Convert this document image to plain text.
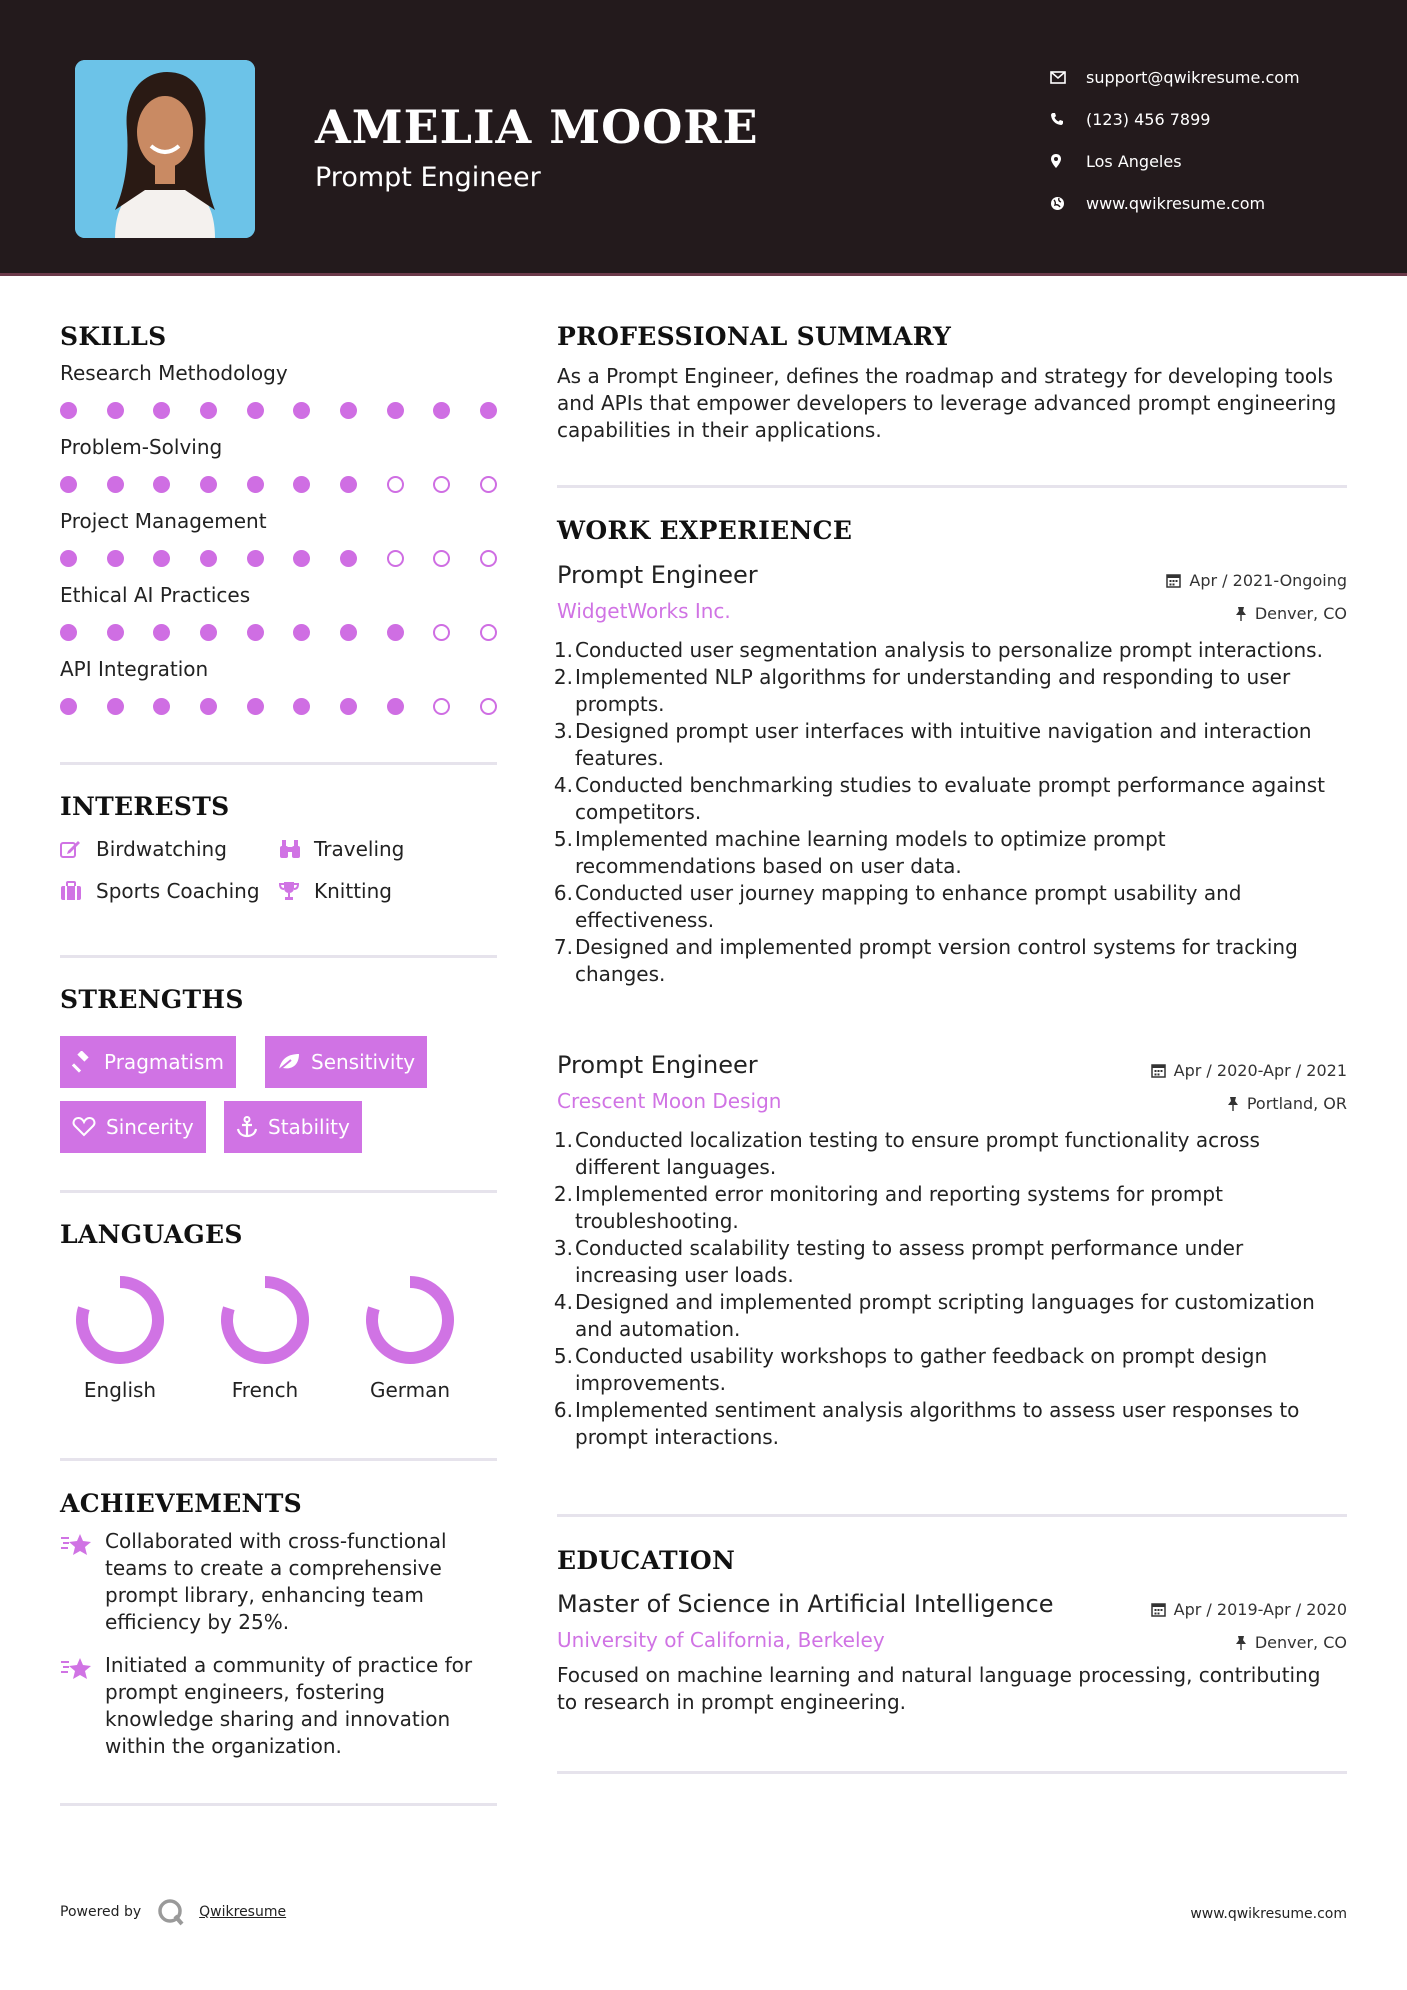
AMELIA MOORE
Prompt Engineer
support@qwikresume.com
(123) 456 7899
Los Angeles
www.qwikresume.com
SKILLS
Research Methodology
Problem-Solving
Project Management
Ethical AI Practices
API Integration
INTERESTS
Birdwatching	Traveling
Sports Coaching	Knitting
STRENGTHS
Pragmatism	Sensitivity
Sincerity	Stability
LANGUAGES
English	French	German
ACHIEVEMENTS
Collaborated with cross-functional teams to create a comprehensive prompt library, enhancing team efficiency by 25%.
Initiated a community of practice for prompt engineers, fostering knowledge sharing and innovation within the organization.
PROFESSIONAL SUMMARY
As a Prompt Engineer, defines the roadmap and strategy for developing tools and APIs that empower developers to leverage advanced prompt engineering capabilities in their applications.
WORK EXPERIENCE
Prompt Engineer
WidgetWorks Inc.
Apr / 2021-Ongoing
Denver, CO
1. Conducted user segmentation analysis to personalize prompt interactions.
2. Implemented NLP algorithms for understanding and responding to user prompts.
3. Designed prompt user interfaces with intuitive navigation and interaction features.
4. Conducted benchmarking studies to evaluate prompt performance against competitors.
5. Implemented machine learning models to optimize prompt recommendations based on user data.
6. Conducted user journey mapping to enhance prompt usability and effectiveness.
7. Designed and implemented prompt version control systems for tracking changes.
Prompt Engineer
Crescent Moon Design
Apr / 2020-Apr / 2021
Portland, OR
1. Conducted localization testing to ensure prompt functionality across different languages.
2. Implemented error monitoring and reporting systems for prompt troubleshooting.
3. Conducted scalability testing to assess prompt performance under increasing user loads.
4. Designed and implemented prompt scripting languages for customization and automation.
5. Conducted usability workshops to gather feedback on prompt design improvements.
6. Implemented sentiment analysis algorithms to assess user responses to prompt interactions.
EDUCATION
Master of Science in Artificial Intelligence
University of California, Berkeley
Apr / 2019-Apr / 2020
Denver, CO
Focused on machine learning and natural language processing, contributing to research in prompt engineering.
Powered by	Qwikresume	www.qwikresume.com
